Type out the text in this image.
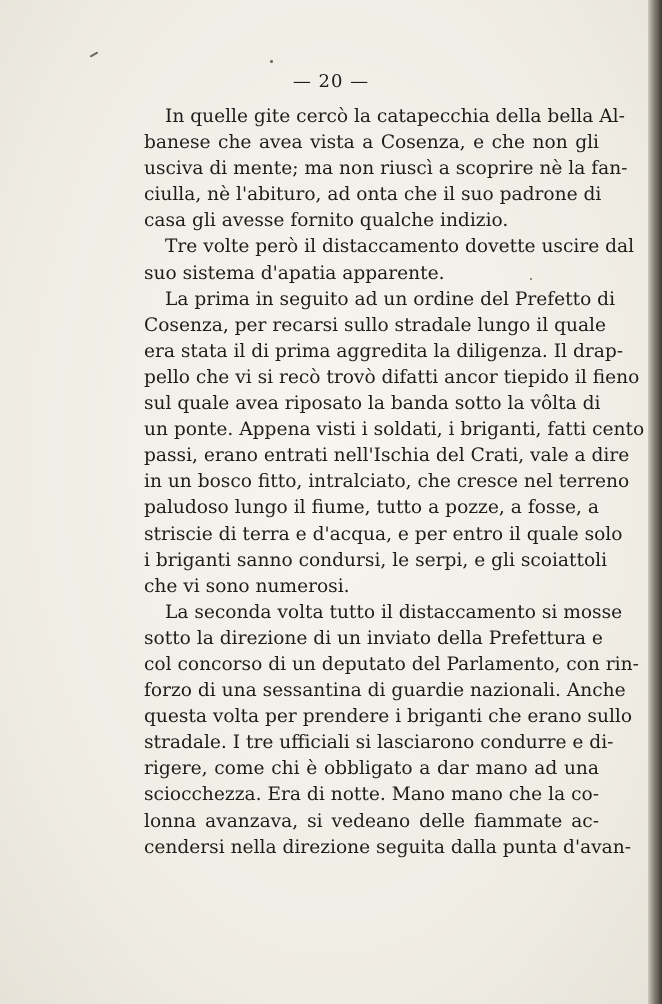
— 20 —
In quelle gite cercò la catapecchia della bella Al-
banese che avea vista a Cosenza, e che non gli
usciva di mente; ma non riuscì a scoprire nè la fan-
ciulla, nè l'abituro, ad onta che il suo padrone di
casa gli avesse fornito qualche indizio.
Tre volte però il distaccamento dovette uscire dal
suo sistema d'apatia apparente.
La prima in seguito ad un ordine del Prefetto di
Cosenza, per recarsi sullo stradale lungo il quale
era stata il di prima aggredita la diligenza. Il drap-
pello che vi si recò trovò difatti ancor tiepido il fieno
sul quale avea riposato la banda sotto la vôlta di
un ponte. Appena visti i soldati, i briganti, fatti cento
passi, erano entrati nell'Ischia del Crati, vale a dire
in un bosco fitto, intralciato, che cresce nel terreno
paludoso lungo il fiume, tutto a pozze, a fosse, a
striscie di terra e d'acqua, e per entro il quale solo
i briganti sanno condursi, le serpi, e gli scoiattoli
che vi sono numerosi.
La seconda volta tutto il distaccamento si mosse
sotto la direzione di un inviato della Prefettura e
col concorso di un deputato del Parlamento, con rin-
forzo di una sessantina di guardie nazionali. Anche
questa volta per prendere i briganti che erano sullo
stradale. I tre ufficiali si lasciarono condurre e di-
rigere, come chi è obbligato a dar mano ad una
sciocchezza. Era di notte. Mano mano che la co-
lonna avanzava, si vedeano delle fiammate ac-
cendersi nella direzione seguita dalla punta d'avan-
